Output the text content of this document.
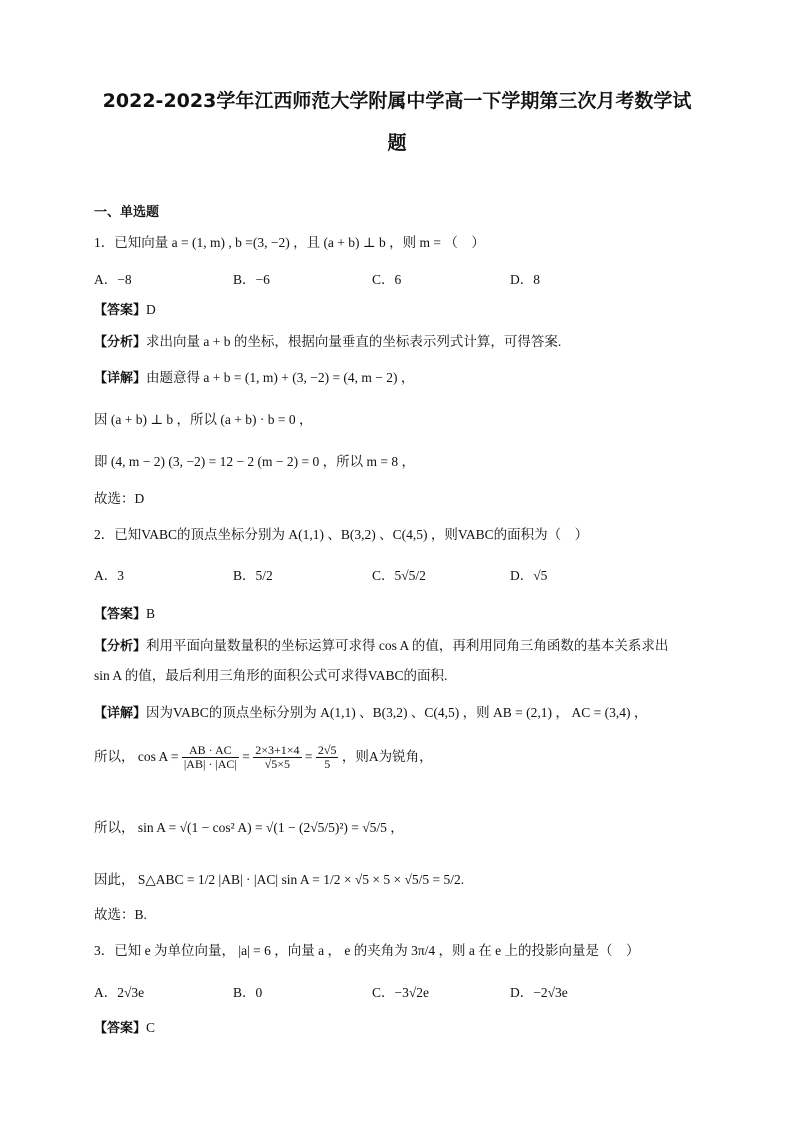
2022-2023学年江西师范大学附属中学高一下学期第三次月考数学试
题
一、单选题
1．已知向量 a = (1, m) , b =(3, −2) ，且 (a + b) ⊥ b ，则 m = （　）
A．−8	B．−6	C．6	D．8
【答案】D
【分析】求出向量 a + b 的坐标，根据向量垂直的坐标表示列式计算，可得答案.
【详解】由题意得 a + b = (1, m) + (3, −2) = (4, m − 2) ，
因 (a + b) ⊥ b ，所以 (a + b) · b = 0 ，
即 (4, m − 2) (3, −2) = 12 − 2 (m − 2) = 0 ，所以 m = 8 ，
故选：D
2．已知VABC的顶点坐标分别为 A(1,1) 、B(3,2) 、C(4,5) ，则VABC的面积为（　）
A．3	B．5/2	C．5√5/2	D．√5
【答案】B
【分析】利用平面向量数量积的坐标运算可求得 cos A 的值，再利用同角三角函数的基本关系求出
sin A 的值，最后利用三角形的面积公式可求得VABC的面积.
【详解】因为VABC的顶点坐标分别为 A(1,1) 、B(3,2) 、C(4,5) ，则 AB = (2,1) ， AC = (3,4) ，
所以， $\cos A = \frac{AB \cdot AC}{|AB| \cdot |AC|} = \frac{2\times 3+1\times 4}{√5\times 5} = \frac{2√5}{5}$ ，则A为锐角，
所以， sin A = √(1 − cos² A) = √(1 − (2√5/5)²) = √5/5 ，
因此， S△ABC = 1/2 |AB| · |AC| sin A = 1/2 × √5 × 5 × √5/5 = 5/2.
故选：B.
3．已知 e 为单位向量， |a| = 6 ，向量 a ， e 的夹角为 3π/4 ，则 a 在 e 上的投影向量是（　）
A．2√3e	B．0	C．−3√2e	D．−2√3e
【答案】C
